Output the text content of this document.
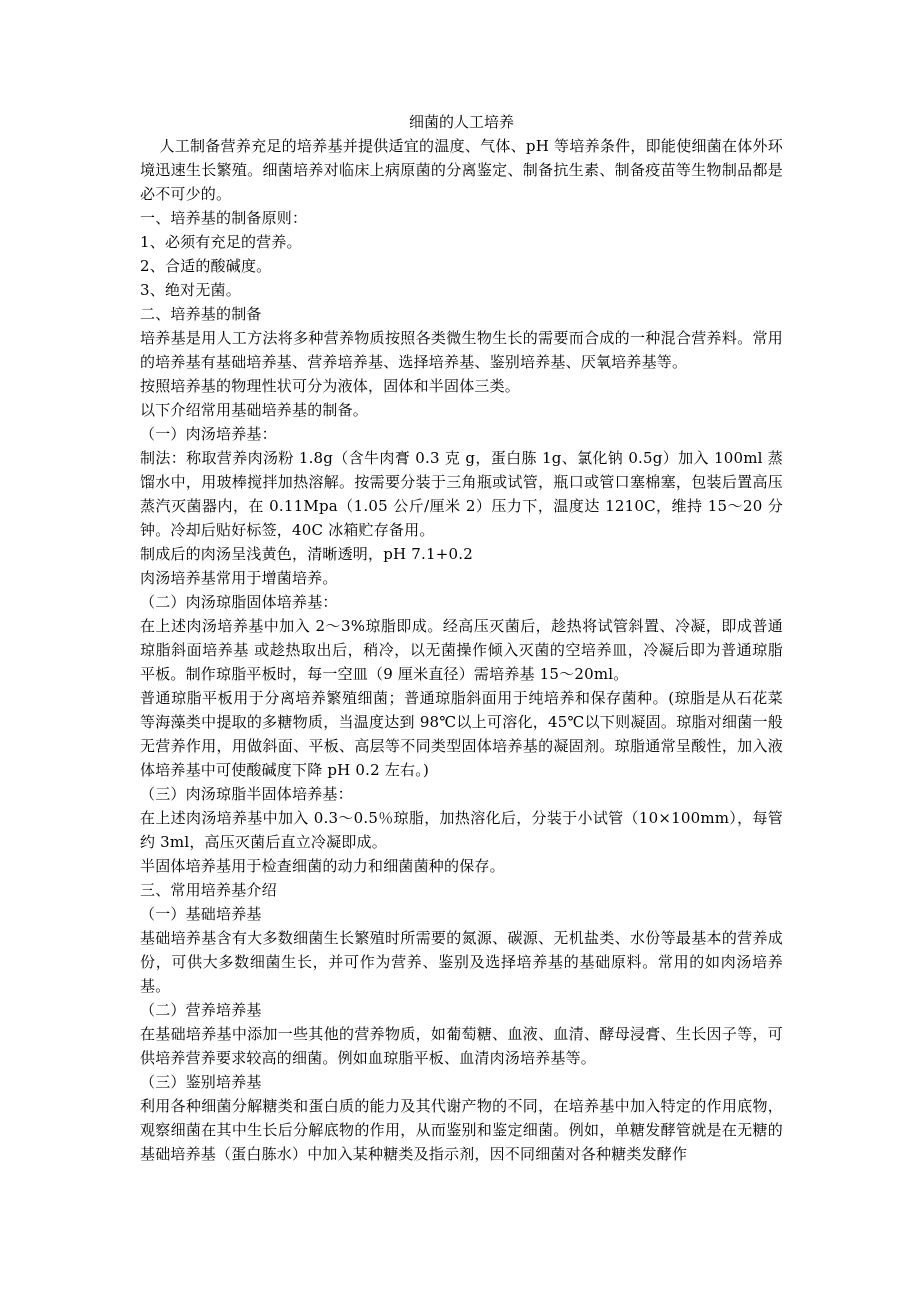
细菌的人工培养

人工制备营养充足的培养基并提供适宜的温度、气体、pH 等培养条件，即能使细菌在体外环境迅速生长繁殖。细菌培养对临床上病原菌的分离鉴定、制备抗生素、制备疫苗等生物制品都是必不可少的。

一、培养基的制备原则：

1、必须有充足的营养。

2、合适的酸碱度。

3、绝对无菌。

二、培养基的制备

培养基是用人工方法将多种营养物质按照各类微生物生长的需要而合成的一种混合营养料。常用的培养基有基础培养基、营养培养基、选择培养基、鉴别培养基、厌氧培养基等。

按照培养基的物理性状可分为液体，固体和半固体三类。

以下介绍常用基础培养基的制备。

（一）肉汤培养基：

制法：称取营养肉汤粉 1.8g（含牛肉膏 0.3 克 g，蛋白胨 1g、氯化钠 0.5g）加入 100ml 蒸馏水中，用玻棒搅拌加热溶解。按需要分装于三角瓶或试管，瓶口或管口塞棉塞，包装后置高压蒸汽灭菌器内，在 0.11Mpa（1.05 公斤/厘米 2）压力下，温度达 1210C，维持 15～20 分钟。冷却后贴好标签，40C 冰箱贮存备用。

制成后的肉汤呈浅黄色，清晰透明，pH 7.1+0.2

肉汤培养基常用于增菌培养。

（二）肉汤琼脂固体培养基：

在上述肉汤培养基中加入 2～3%琼脂即成。经高压灭菌后，趁热将试管斜置、冷凝，即成普通琼脂斜面培养基 或趁热取出后，稍冷，以无菌操作倾入灭菌的空培养皿，冷凝后即为普通琼脂平板。制作琼脂平板时，每一空皿（9 厘米直径）需培养基 15～20ml。

普通琼脂平板用于分离培养繁殖细菌；普通琼脂斜面用于纯培养和保存菌种。(琼脂是从石花菜等海藻类中提取的多糖物质，当温度达到 98℃以上可溶化，45℃以下则凝固。琼脂对细菌一般无营养作用，用做斜面、平板、高层等不同类型固体培养基的凝固剂。琼脂通常呈酸性，加入液体培养基中可使酸碱度下降 pH 0.2 左右。)

（三）肉汤琼脂半固体培养基：

在上述肉汤培养基中加入 0.3～0.5％琼脂，加热溶化后，分装于小试管（10×100mm），每管约 3ml，高压灭菌后直立冷凝即成。

半固体培养基用于检查细菌的动力和细菌菌种的保存。

三、常用培养基介绍

（一）基础培养基

基础培养基含有大多数细菌生长繁殖时所需要的氮源、碳源、无机盐类、水份等最基本的营养成份，可供大多数细菌生长，并可作为营养、鉴别及选择培养基的基础原料。常用的如肉汤培养基。

（二）营养培养基

在基础培养基中添加一些其他的营养物质，如葡萄糖、血液、血清、酵母浸膏、生长因子等，可供培养营养要求较高的细菌。例如血琼脂平板、血清肉汤培养基等。

（三）鉴别培养基

利用各种细菌分解糖类和蛋白质的能力及其代谢产物的不同，在培养基中加入特定的作用底物，观察细菌在其中生长后分解底物的作用，从而鉴别和鉴定细菌。例如，单糖发酵管就是在无糖的基础培养基（蛋白胨水）中加入某种糖类及指示剂，因不同细菌对各种糖类发酵作
